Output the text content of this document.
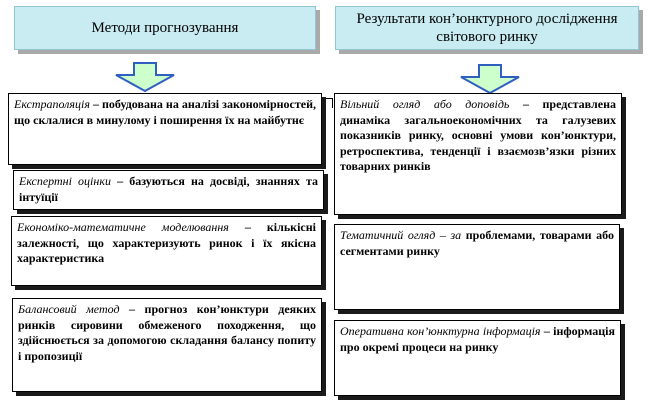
Методи прогнозування
Результати кон’юнктурного дослідження світового ринку
Екстраполяція – побудована на аналізі закономірностей, що склалися в минулому і поширення їх на майбутнє
Експертні оцінки – базуються на досвіді, знаннях та інтуїції
Економіко-математичне моделювання – кількісні залежності, що характеризують ринок і їх якісна характеристика
Балансовий метод – прогноз кон’юнктури деяких ринків сировини обмеженого походження, що здійснюється за допомогою складання балансу попиту і пропозиції
Вільний огляд або доповідь – представлена динаміка загальноекономічних та галузевих показників ринку, основні умови кон’юнктури, ретроспектива, тенденції і взаємозв’язки різних товарних ринків
Тематичний огляд – за проблемами, товарами або сегментами ринку
Оперативна кон’юнктурна інформація – інформація про окремі процеси на ринку
